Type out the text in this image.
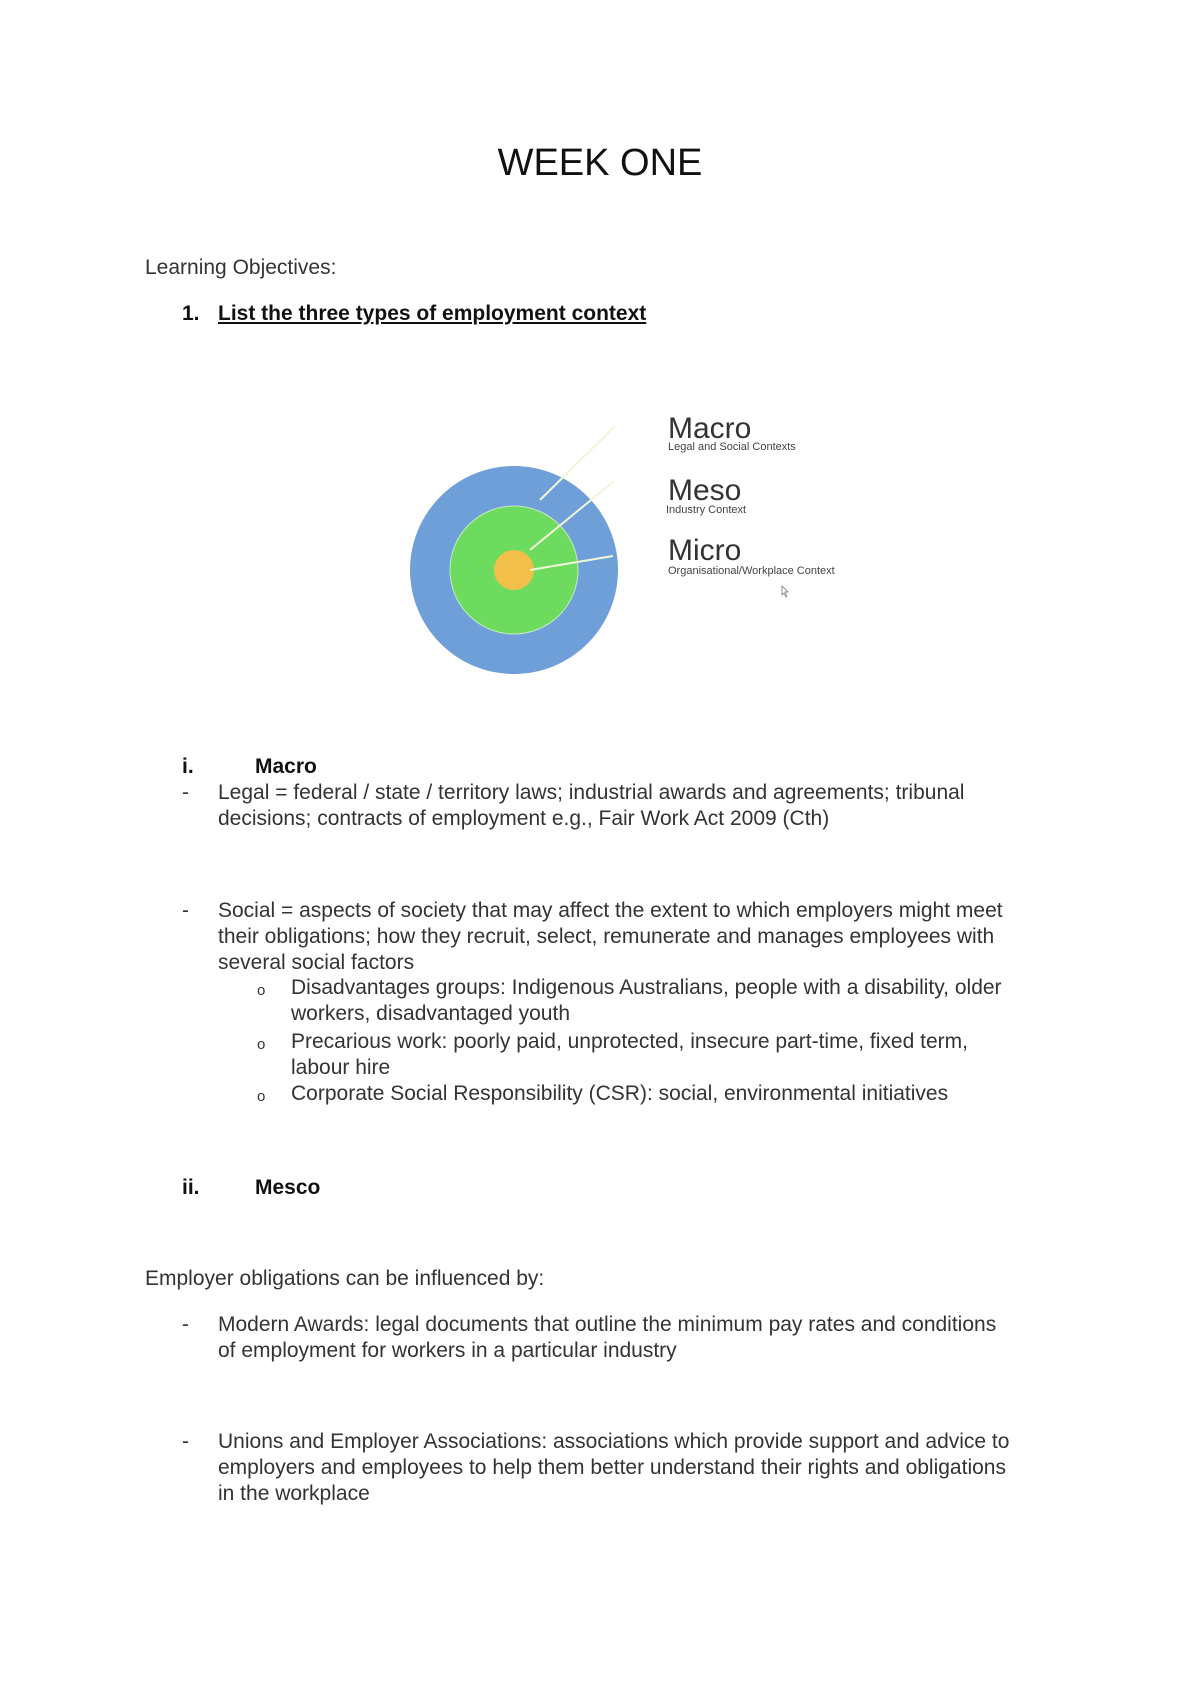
WEEK ONE
Learning Objectives:
1. List the three types of employment context
Macro
Legal and Social Contexts
Meso
Industry Context
Micro
Organisational/Workplace Context
i.	Macro
-	Legal = federal / state / territory laws; industrial awards and agreements; tribunal
decisions; contracts of employment e.g., Fair Work Act 2009 (Cth)
-	Social = aspects of society that may affect the extent to which employers might meet
their obligations; how they recruit, select, remunerate and manages employees with
several social factors
o Disadvantages groups: Indigenous Australians, people with a disability, older
workers, disadvantaged youth
o Precarious work: poorly paid, unprotected, insecure part-time, fixed term,
labour hire
o Corporate Social Responsibility (CSR): social, environmental initiatives
ii.	Mesco
Employer obligations can be influenced by:
-	Modern Awards: legal documents that outline the minimum pay rates and conditions
of employment for workers in a particular industry
-	Unions and Employer Associations: associations which provide support and advice to
employers and employees to help them better understand their rights and obligations
in the workplace
